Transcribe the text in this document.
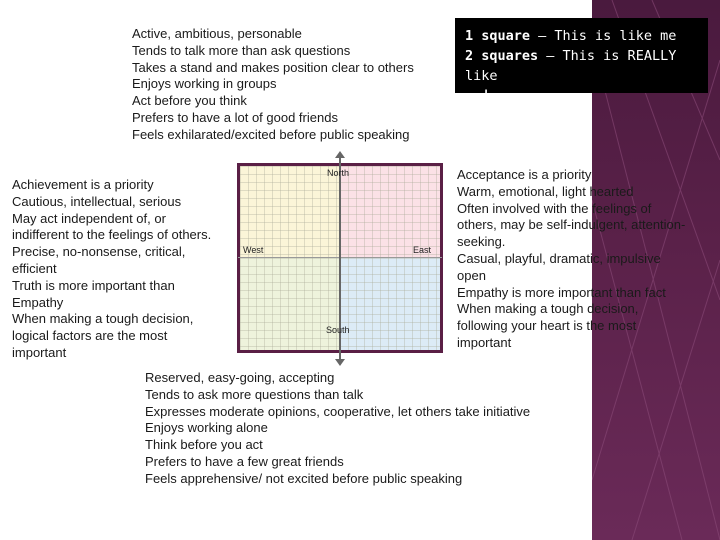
Active, ambitious, personable
Tends to talk more than ask questions
Takes a stand and makes position clear to others
Enjoys working in groups
Act before you think
Prefers to have a lot of good friends
Feels exhilarated/excited before public speaking
1 square – This is like me
2 squares – This is REALLY like
me!
Achievement is a priority
Cautious, intellectual, serious
May act independent of, or
indifferent to the feelings of others.
Precise, no-nonsense, critical,
efficient
Truth is more important than
Empathy
When making a tough decision,
logical factors are the most
important
North
South
West	East
Acceptance is a priority
Warm, emotional, light hearted
Often involved with the feelings of
others, may be self-indulgent, attention-
seeking.
Casual, playful, dramatic, impulsive
open
Empathy is more important than fact
When making a tough decision,
following your heart is the most
important
Reserved, easy-going, accepting
Tends to ask more questions than talk
Expresses moderate opinions, cooperative, let others take initiative
Enjoys working alone
Think before you act
Prefers to have a few great friends
Feels apprehensive/ not excited before public speaking
